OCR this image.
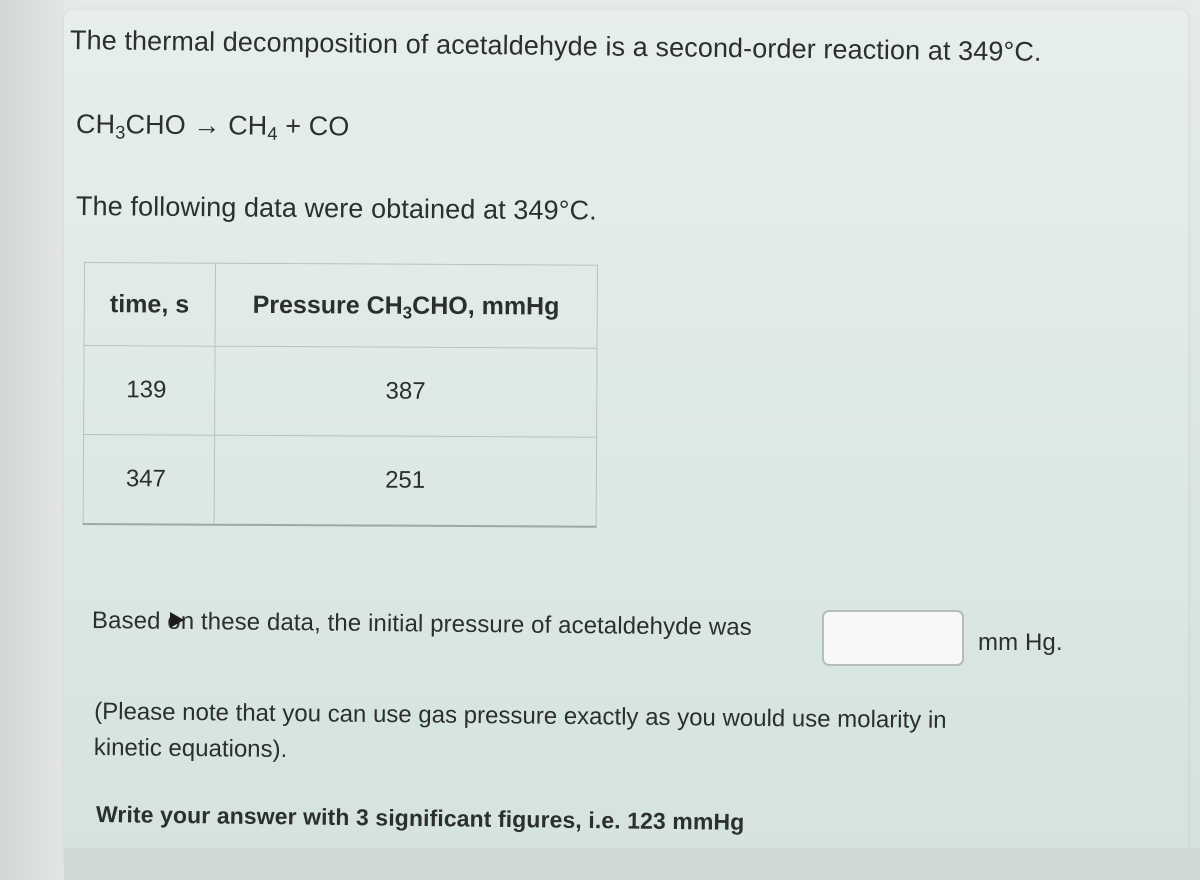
The thermal decomposition of acetaldehyde is a second-order reaction at 349°C.
$CH_3CHO \to CH_4$ + CO
The following data were obtained at 349°C.
time, s	Pressure $CH_3CHO$, mmHg
139	387
347	251
Based on these data, the initial pressure of acetaldehyde was
mm Hg.
(Please note that you can use gas pressure exactly as you would use molarity in
kinetic equations).
Write your answer with 3 significant figures, i.e. 123 mmHg
